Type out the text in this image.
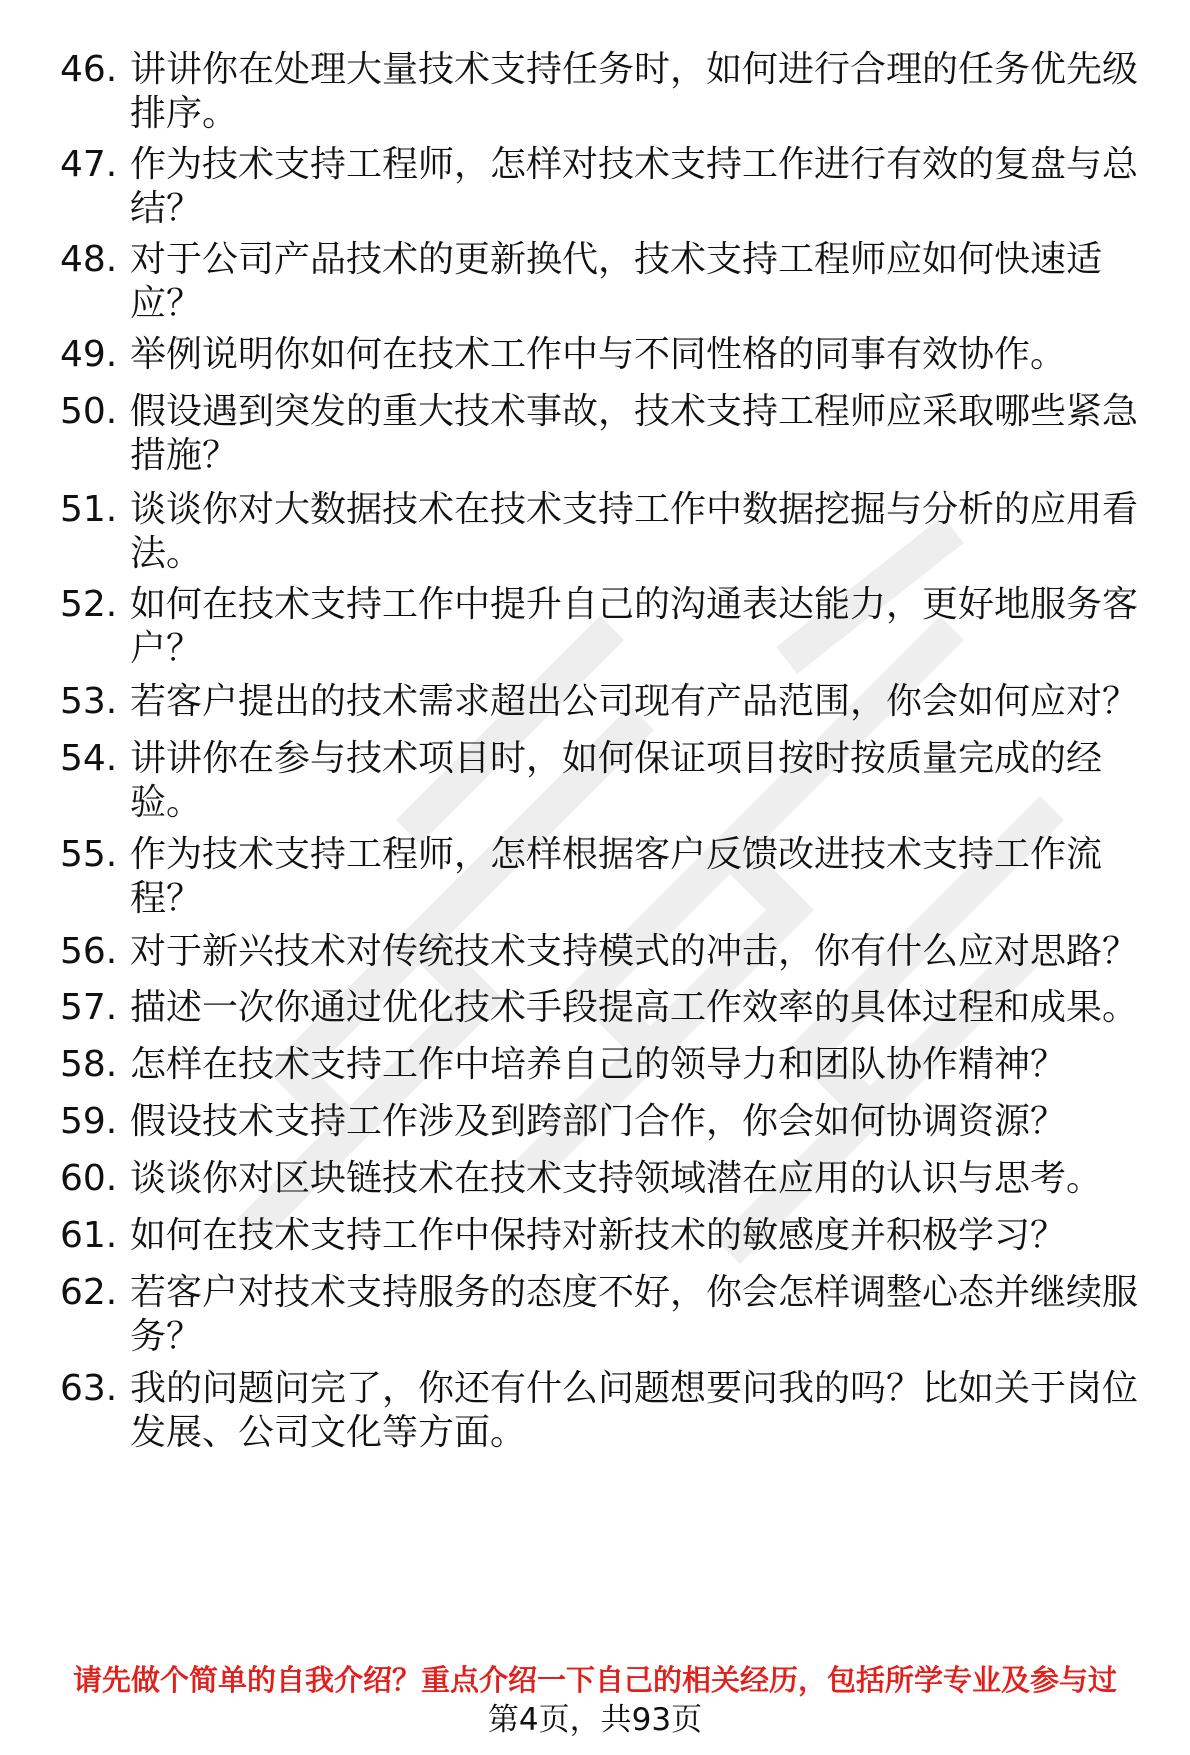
46. 讲讲你在处理大量技术支持任务时，如何进行合理的任务优先级排序。
47. 作为技术支持工程师，怎样对技术支持工作进行有效的复盘与总结？
48. 对于公司产品技术的更新换代，技术支持工程师应如何快速适应？
49. 举例说明你如何在技术工作中与不同性格的同事有效协作。
50. 假设遇到突发的重大技术事故，技术支持工程师应采取哪些紧急措施？
51. 谈谈你对大数据技术在技术支持工作中数据挖掘与分析的应用看法。
52. 如何在技术支持工作中提升自己的沟通表达能力，更好地服务客户？
53. 若客户提出的技术需求超出公司现有产品范围，你会如何应对？
54. 讲讲你在参与技术项目时，如何保证项目按时按质量完成的经验。
55. 作为技术支持工程师，怎样根据客户反馈改进技术支持工作流程？
56. 对于新兴技术对传统技术支持模式的冲击，你有什么应对思路？
57. 描述一次你通过优化技术手段提高工作效率的具体过程和成果。
58. 怎样在技术支持工作中培养自己的领导力和团队协作精神？
59. 假设技术支持工作涉及到跨部门合作，你会如何协调资源？
60. 谈谈你对区块链技术在技术支持领域潜在应用的认识与思考。
61. 如何在技术支持工作中保持对新技术的敏感度并积极学习？
62. 若客户对技术支持服务的态度不好，你会怎样调整心态并继续服务？
63. 我的问题问完了，你还有什么问题想要问我的吗？比如关于岗位发展、公司文化等方面。
请先做个简单的自我介绍？重点介绍一下自己的相关经历，包括所学专业及参与过
第4页，共93页
